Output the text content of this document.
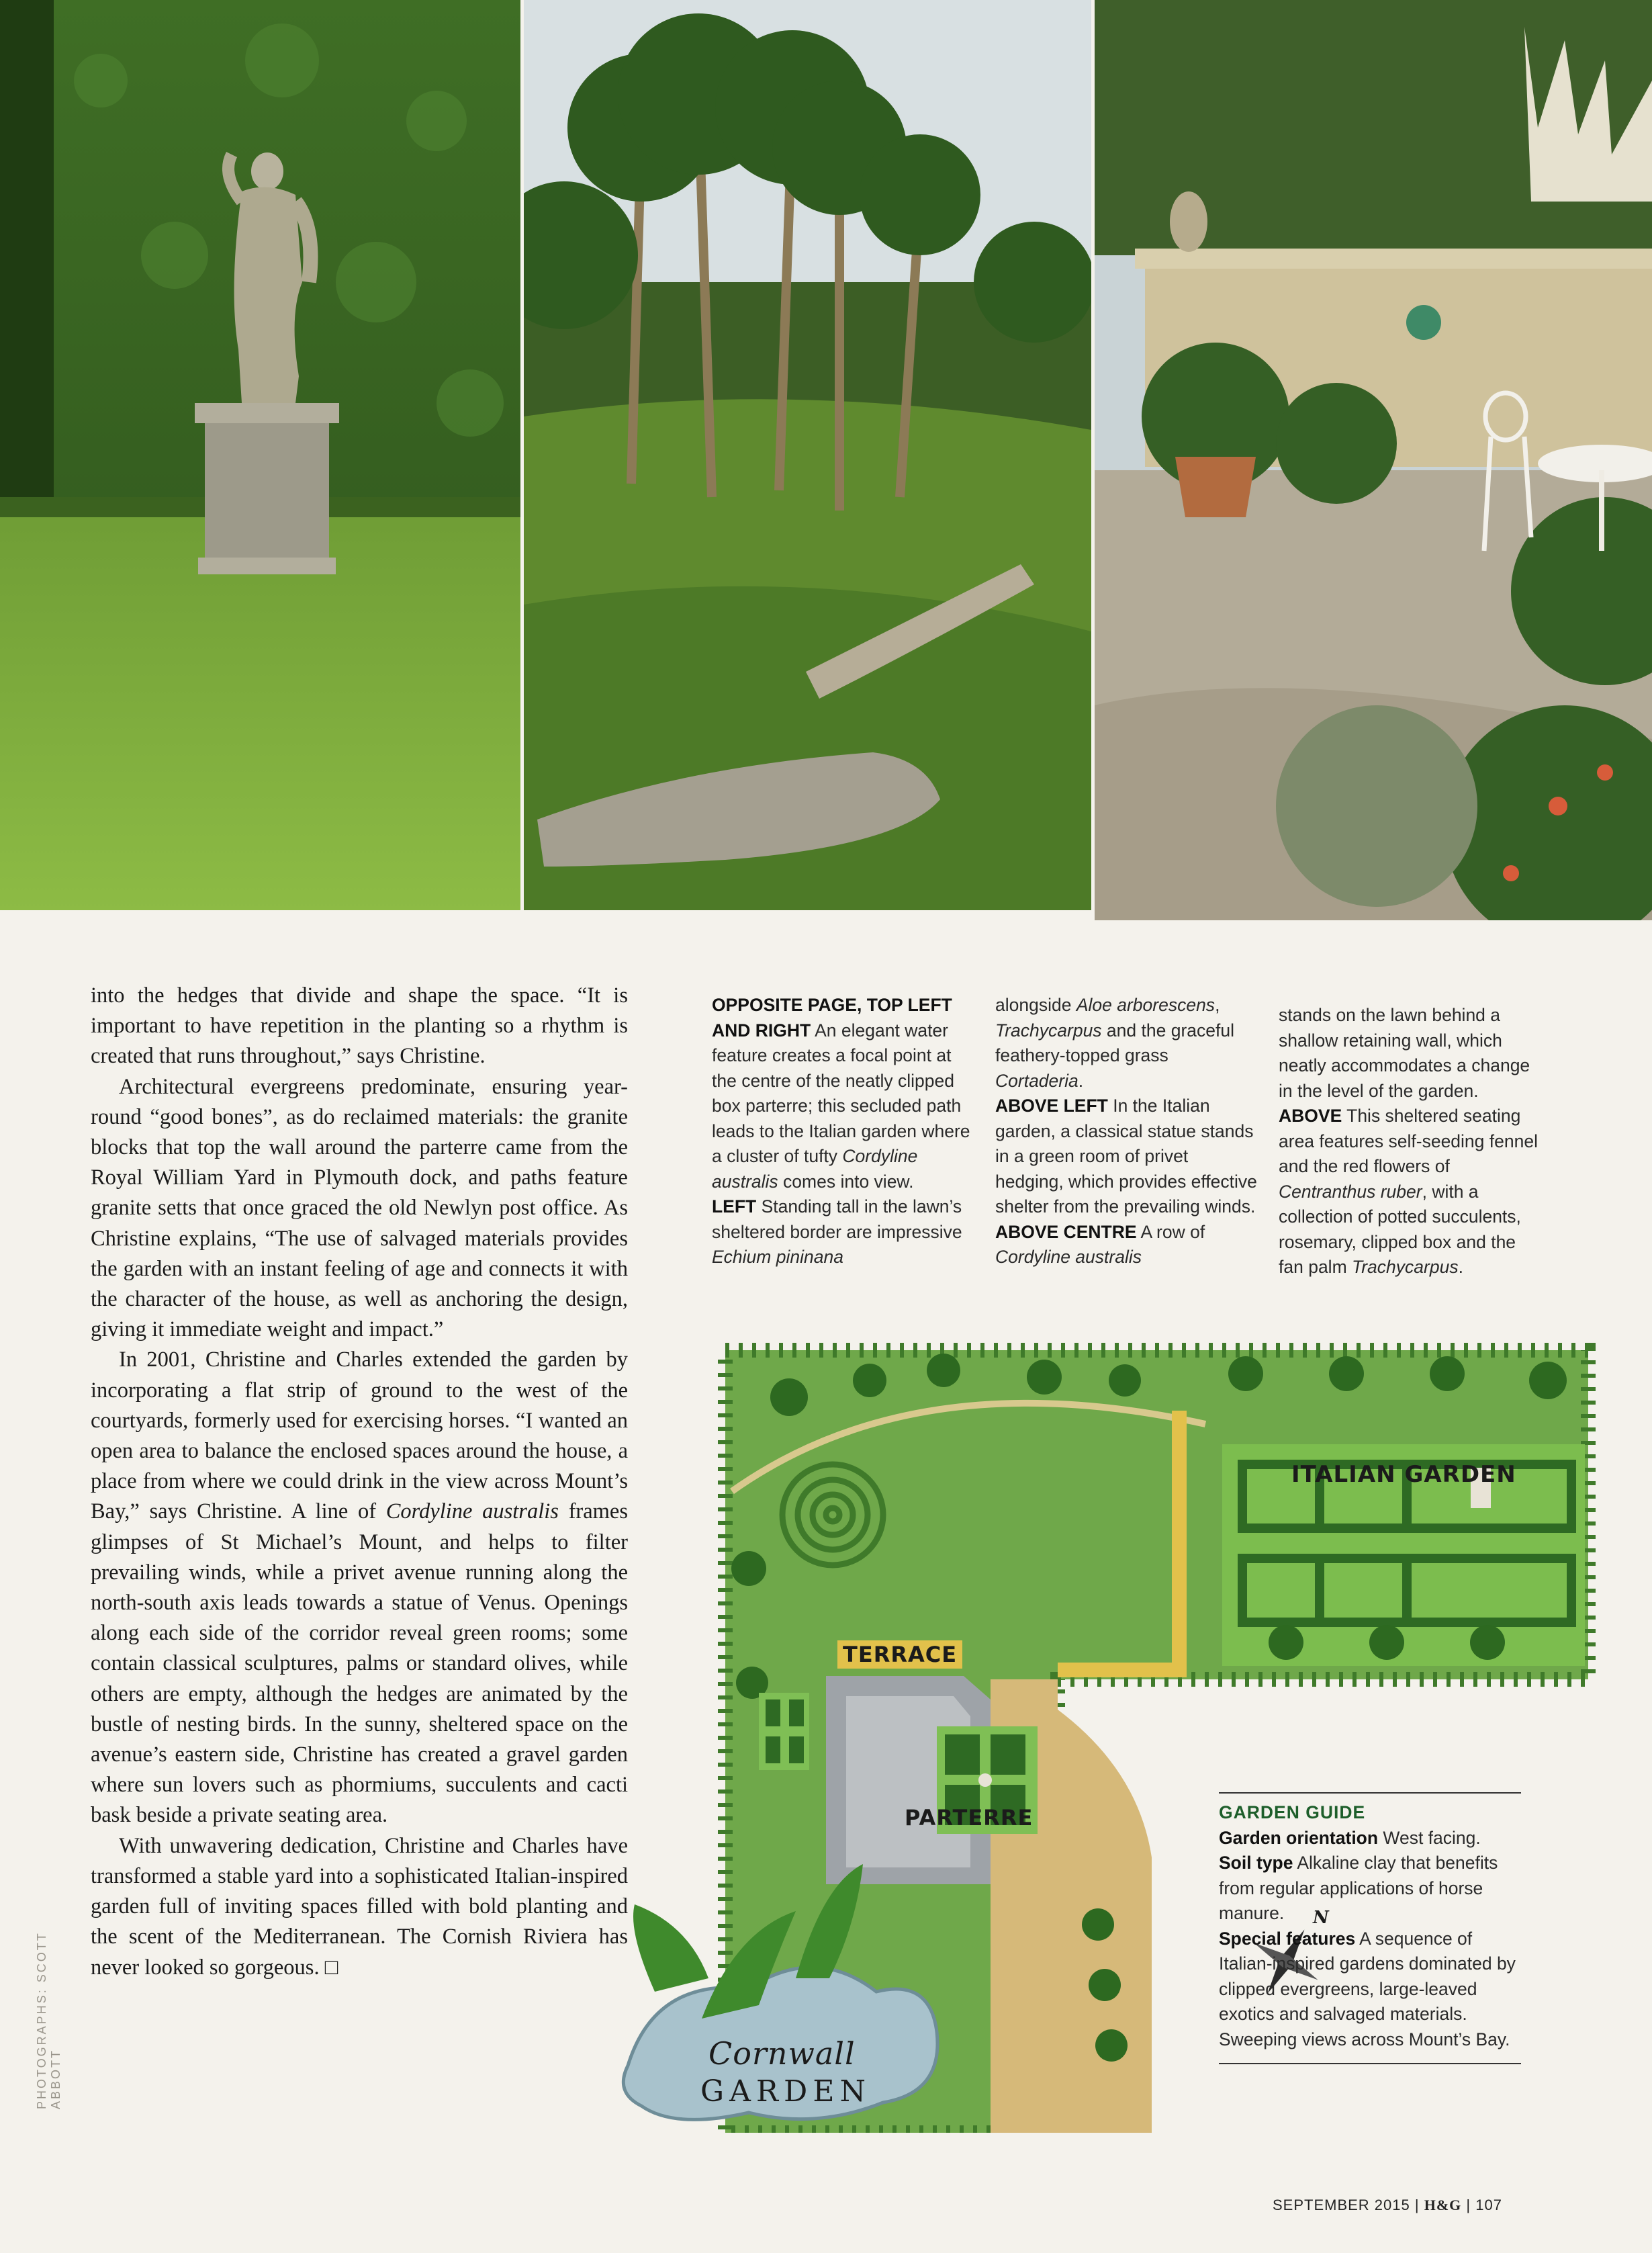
into the hedges that divide and shape the space. “It is important to have repetition in the planting so a rhythm is created that runs throughout,” says Christine.

Architectural evergreens predominate, ensuring year-round “good bones”, as do reclaimed materials: the granite blocks that top the wall around the parterre came from the Royal William Yard in Plymouth dock, and paths feature granite setts that once graced the old Newlyn post office. As Christine explains, “The use of salvaged materials provides the garden with an instant feeling of age and connects it with the character of the house, as well as anchoring the design, giving it immediate weight and impact.”

In 2001, Christine and Charles extended the garden by incorporating a flat strip of ground to the west of the courtyards, formerly used for exercising horses. “I wanted an open area to balance the enclosed spaces around the house, a place from where we could drink in the view across Mount’s Bay,” says Christine. A line of Cordyline australis frames glimpses of St Michael’s Mount, and helps to filter prevailing winds, while a privet avenue running along the north-south axis leads towards a statue of Venus. Openings along each side of the corridor reveal green rooms; some contain classical sculptures, palms or standard olives, while others are empty, although the hedges are animated by the bustle of nesting birds. In the sunny, sheltered space on the avenue’s eastern side, Christine has created a gravel garden where sun lovers such as phormiums, succulents and cacti bask beside a private seating area.

With unwavering dedication, Christine and Charles have transformed a stable yard into a sophisticated Italian-inspired garden full of inviting spaces filled with bold planting and the scent of the Mediterranean. The Cornish Riviera has never looked so gorgeous. □

PHOTOGRAPHS: SCOTT ABBOTT
OPPOSITE PAGE, TOP LEFT AND RIGHT An elegant water feature creates a focal point at the centre of the neatly clipped box parterre; this secluded path leads to the Italian garden where a cluster of tufty Cordyline australis comes into view.
LEFT Standing tall in the lawn’s sheltered border are impressive Echium pininana
alongside Aloe arborescens, Trachycarpus and the graceful feathery-topped grass Cortaderia.
ABOVE LEFT In the Italian garden, a classical statue stands in a green room of privet hedging, which provides effective shelter from the prevailing winds.
ABOVE CENTRE A row of Cordyline australis
stands on the lawn behind a shallow retaining wall, which neatly accommodates a change in the level of the garden.
ABOVE This sheltered seating area features self-seeding fennel and the red flowers of Centranthus ruber, with a collection of potted succulents, rosemary, clipped box and the fan palm Trachycarpus.
ITALIAN GARDEN
TERRACE
PARTERRE
Cornwall
GARDEN
N
GARDEN GUIDE
Garden orientation West facing.
Soil type Alkaline clay that benefits from regular applications of horse manure.
Special features A sequence of Italian-inspired gardens dominated by clipped evergreens, large-leaved exotics and salvaged materials. Sweeping views across Mount’s Bay.
SEPTEMBER 2015 | H&G | 107
